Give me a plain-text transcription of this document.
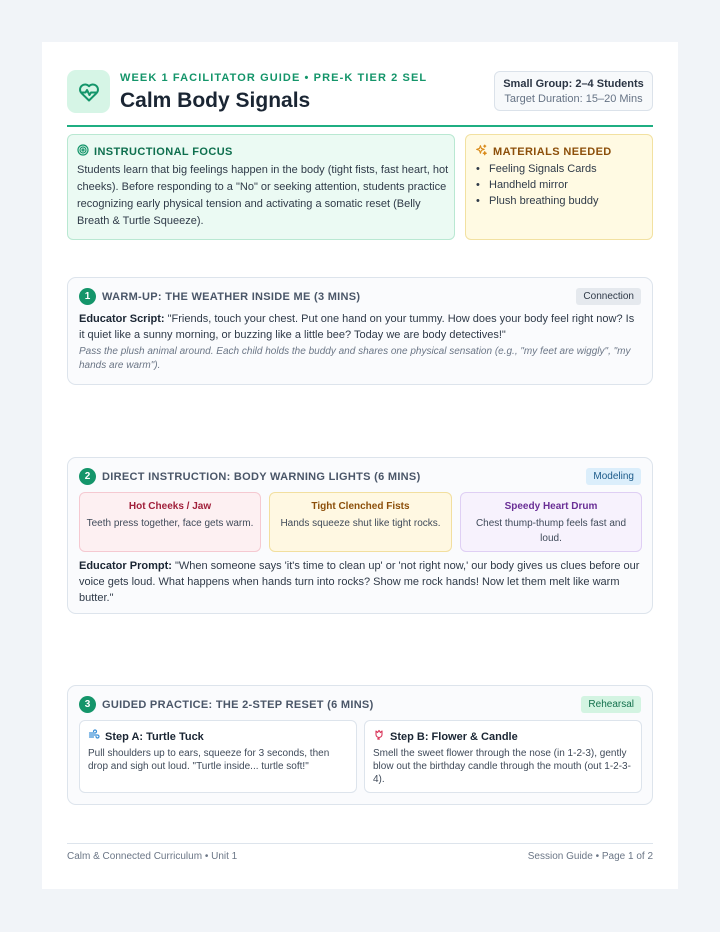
WEEK 1 FACILITATOR GUIDE • PRE-K TIER 2 SEL
Calm Body Signals
Small Group: 2–4 Students
Target Duration: 15–20 Mins
INSTRUCTIONAL FOCUS
Students learn that big feelings happen in the body (tight fists, fast heart, hot cheeks). Before responding to a "No" or seeking attention, students practice recognizing early physical tension and activating a somatic reset (Belly Breath & Turtle Squeeze).
MATERIALS NEEDED
• Feeling Signals Cards
• Handheld mirror
• Plush breathing buddy
1	WARM-UP: THE WEATHER INSIDE ME (3 MINS)	Connection
Educator Script: "Friends, touch your chest. Put one hand on your tummy. How does your body feel right now? Is it quiet like a sunny morning, or buzzing like a little bee? Today we are body detectives!"
Pass the plush animal around. Each child holds the buddy and shares one physical sensation (e.g., "my feet are wiggly", "my hands are warm").
2	DIRECT INSTRUCTION: BODY WARNING LIGHTS (6 MINS)	Modeling
Hot Cheeks / Jaw
Teeth press together, face gets warm.
Tight Clenched Fists
Hands squeeze shut like tight rocks.
Speedy Heart Drum
Chest thump-thump feels fast and loud.
Educator Prompt: "When someone says 'it's time to clean up' or 'not right now,' our body gives us clues before our voice gets loud. What happens when hands turn into rocks? Show me rock hands! Now let them melt like warm butter."
3	GUIDED PRACTICE: THE 2-STEP RESET (6 MINS)	Rehearsal
Step A: Turtle Tuck
Pull shoulders up to ears, squeeze for 3 seconds, then drop and sigh out loud. "Turtle inside... turtle soft!"
Step B: Flower & Candle
Smell the sweet flower through the nose (in 1-2-3), gently blow out the birthday candle through the mouth (out 1-2-3-4).
Calm & Connected Curriculum • Unit 1	Session Guide • Page 1 of 2
